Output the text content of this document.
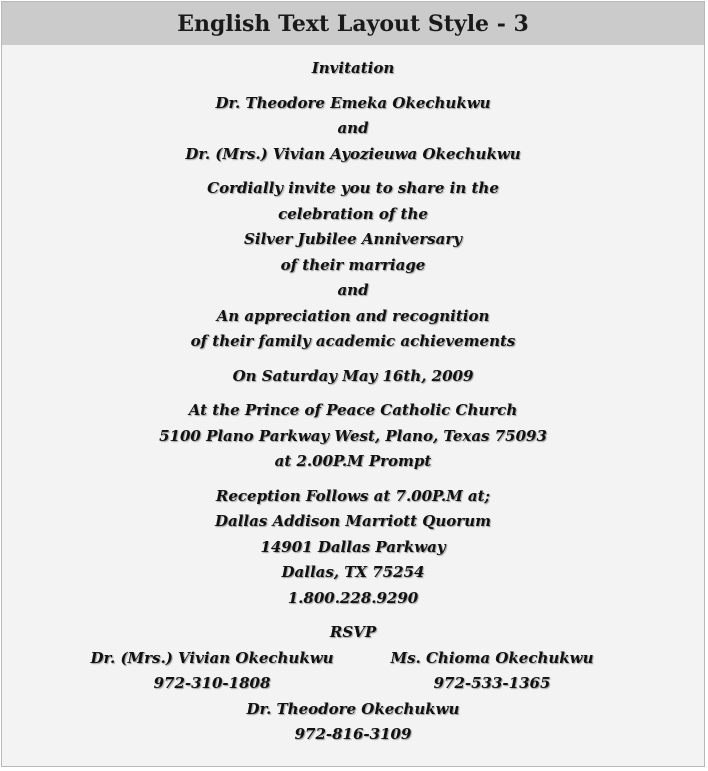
English Text Layout Style - 3
Invitation
Dr. Theodore Emeka Okechukwu
and
Dr. (Mrs.) Vivian Ayozieuwa Okechukwu
Cordially invite you to share in the
celebration of the
Silver Jubilee Anniversary
of their marriage
and
An appreciation and recognition
of their family academic achievements
On Saturday May 16th, 2009
At the Prince of Peace Catholic Church
5100 Plano Parkway West, Plano, Texas 75093
at 2.00P.M Prompt
Reception Follows at 7.00P.M at;
Dallas Addison Marriott Quorum
14901 Dallas Parkway
Dallas, TX 75254
1.800.228.9290
RSVP
Dr. (Mrs.) Vivian Okechukwu	Ms. Chioma Okechukwu
972-310-1808	972-533-1365
Dr. Theodore Okechukwu
972-816-3109
